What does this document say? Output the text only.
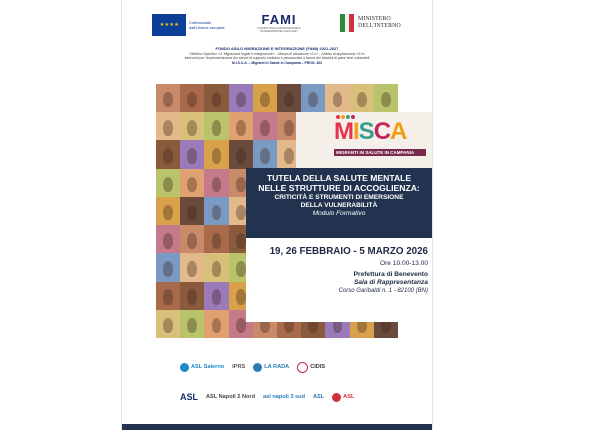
★ ★ ★ ★	Cofinanziato dall'Unione europea
FAMI
FONDO ASILO MIGRAZIONE E INTEGRAZIONE 2021-2027
MINISTERO
DELL'INTERNO
FONDO ASILO MIGRAZIONE E INTEGRAZIONE (FAMI) 2021-2027
Obiettivo Specifico «2. Migrazione legale e integrazione» – Misura di attuazione «2.c» – Ambito di applicazione «2.h»
Interventi per l'implementazione dei servizi di supporto sanitario e psicosociale a favore dei cittadini di paesi terzi vulnerabili
M.I.S.C.A. – Migranti In Salute in Campania – PROG. 403
MISCA
MIGRANTI IN SALUTE IN CAMPANIA
TUTELA DELLA SALUTE MENTALE
NELLE STRUTTURE DI ACCOGLIENZA:
CRITICITÀ E STRUMENTI DI EMERSIONE
DELLA VULNERABILITÀ
Modulo Formativo
19, 26 FEBBRAIO - 5 MARZO 2026
Ore 10.00-13.00
Prefettura di Benevento
Sala di Rappresentanza
Corso Garibaldi n. 1 - 82100 (BN)
ASL Salerno IPRS	LA RADA	CIDIS
ASL ASL Napoli 2 Nord asl napoli 3 sud ASL	ASL
